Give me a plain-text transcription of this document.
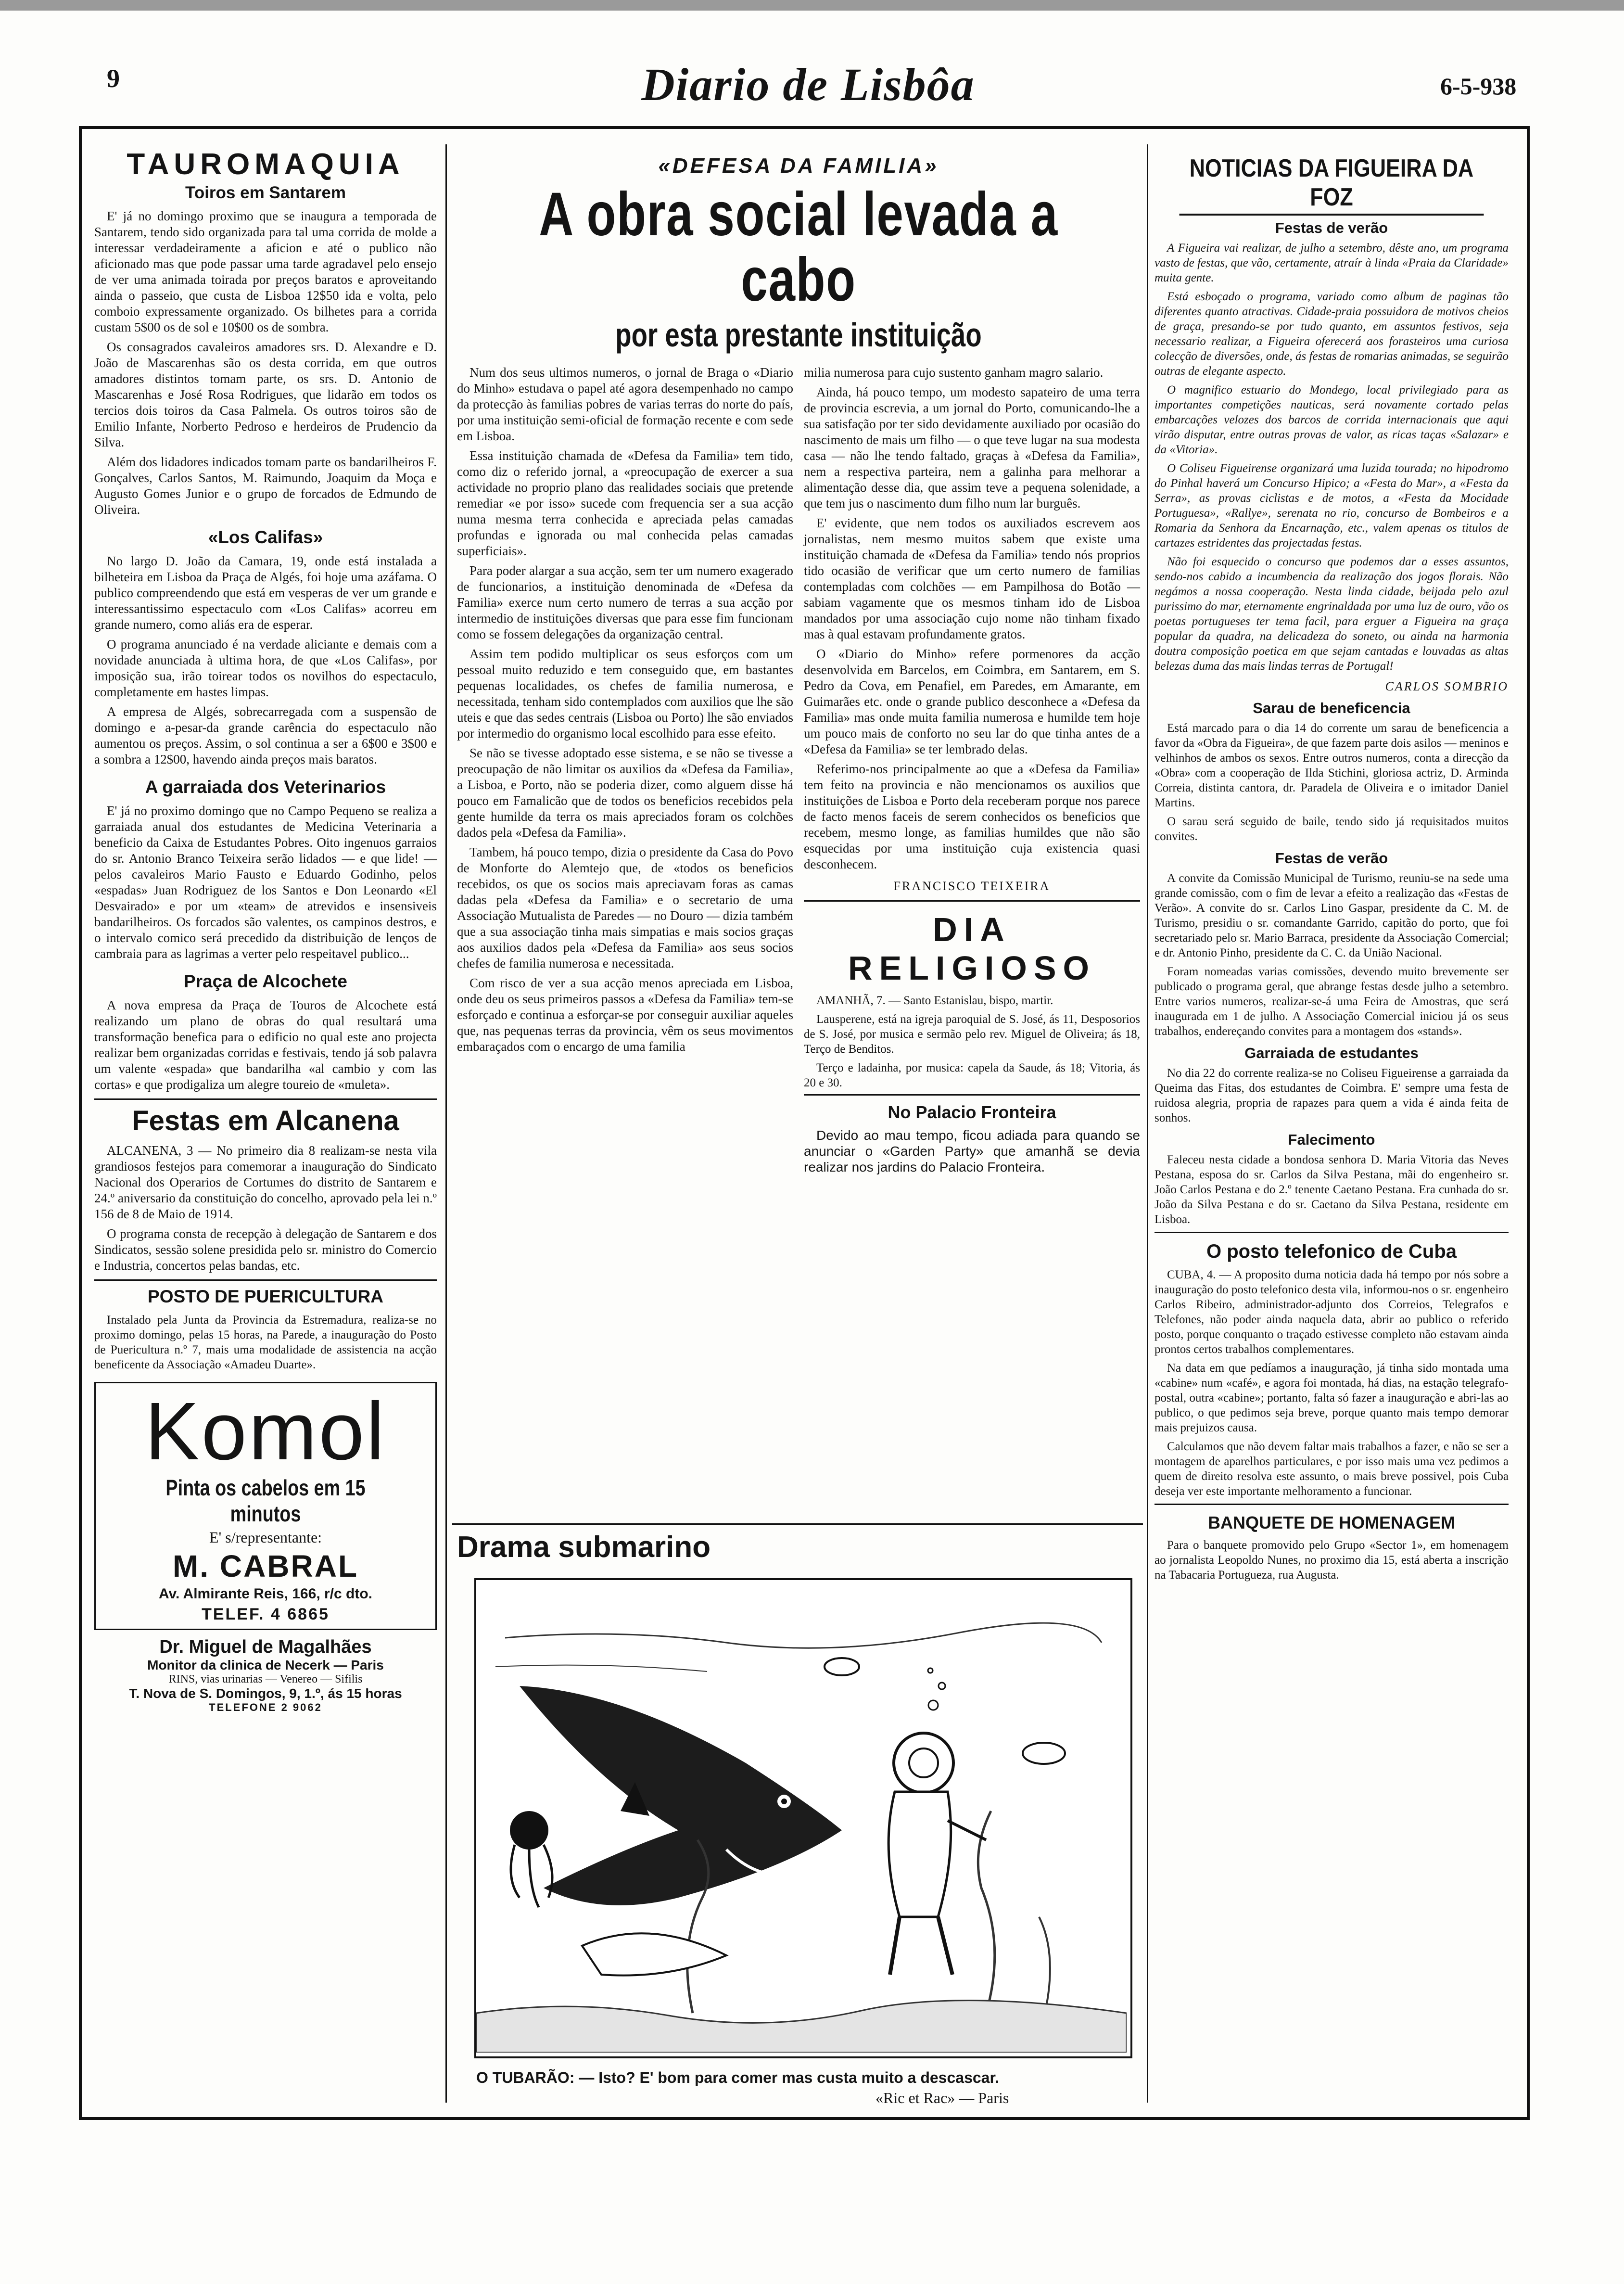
9	Diario de Lisbôa	6-5-938
TAUROMAQUIA
Toiros em Santarem

E' já no domingo proximo que se inaugura a temporada de Santarem, tendo sido organizada para tal uma corrida de molde a interessar verdadeiramente a aficion e até o publico não aficionado mas que pode passar uma tarde agradavel pelo ensejo de ver uma animada toirada por preços baratos e aproveitando ainda o passeio, que custa de Lisboa 12$50 ida e volta, pelo comboio expressamente organizado. Os bilhetes para a corrida custam 5$00 os de sol e 10$00 os de sombra.

Os consagrados cavaleiros amadores srs. D. Alexandre e D. João de Mascarenhas são os desta corrida, em que outros amadores distintos tomam parte, os srs. D. Antonio de Mascarenhas e José Rosa Rodrigues, que lidarão em todos os tercios dois toiros da Casa Palmela. Os outros toiros são de Emilio Infante, Norberto Pedroso e herdeiros de Prudencio da Silva.

Além dos lidadores indicados tomam parte os bandarilheiros F. Gonçalves, Carlos Santos, M. Raimundo, Joaquim da Moça e Augusto Gomes Junior e o grupo de forcados de Edmundo de Oliveira.

«Los Califas»

No largo D. João da Camara, 19, onde está instalada a bilheteira em Lisboa da Praça de Algés, foi hoje uma azáfama. O publico compreendendo que está em vesperas de ver um grande e interessantissimo espectaculo com «Los Califas» acorreu em grande numero, como aliás era de esperar.

O programa anunciado é na verdade aliciante e demais com a novidade anunciada à ultima hora, de que «Los Califas», por imposição sua, irão toirear todos os novilhos do espectaculo, completamente em hastes limpas.

A empresa de Algés, sobrecarregada com a suspensão de domingo e a-pesar-da grande carência do espectaculo não aumentou os preços. Assim, o sol continua a ser a 6$00 e 3$00 e a sombra a 12$00, havendo ainda preços mais baratos.

A garraiada dos Veterinarios

E' já no proximo domingo que no Campo Pequeno se realiza a garraiada anual dos estudantes de Medicina Veterinaria a beneficio da Caixa de Estudantes Pobres. Oito ingenuos garraios do sr. Antonio Branco Teixeira serão lidados — e que lide! — pelos cavaleiros Mario Fausto e Eduardo Godinho, pelos «espadas» Juan Rodriguez de los Santos e Don Leonardo «El Desvairado» e por um «team» de atrevidos e insensiveis bandarilheiros. Os forcados são valentes, os campinos destros, e o intervalo comico será precedido da distribuição de lenços de cambraia para as lagrimas a verter pelo respeitavel publico...

Praça de Alcochete

A nova empresa da Praça de Touros de Alcochete está realizando um plano de obras do qual resultará uma transformação benefica para o edificio no qual este ano projecta realizar bem organizadas corridas e festivais, tendo já sob palavra um valente «espada» que bandarilha «al cambio y com las cortas» e que prodigaliza um alegre toureio de «muleta».

Festas em Alcanena

ALCANENA, 3 — No primeiro dia 8 realizam-se nesta vila grandiosos festejos para comemorar a inauguração do Sindicato Nacional dos Operarios de Cortumes do distrito de Santarem e 24.º aniversario da constituição do concelho, aprovado pela lei n.º 156 de 8 de Maio de 1914.

O programa consta de recepção à delegação de Santarem e dos Sindicatos, sessão solene presidida pelo sr. ministro do Comercio e Industria, concertos pelas bandas, etc.

POSTO DE PUERICULTURA

Instalado pela Junta da Provincia da Estremadura, realiza-se no proximo domingo, pelas 15 horas, na Parede, a inauguração do Posto de Puericultura n.º 7, mais uma modalidade de assistencia na acção beneficente da Associação «Amadeu Duarte».

Komol
Pinta os cabelos em 15 minutos
E' s/representante:
M. CABRAL
Av. Almirante Reis, 166, r/c dto.
TELEF. 4 6865
Dr. Miguel de Magalhães
Monitor da clinica de Necerk — Paris
RINS, vias urinarias — Venereo — Sifilis
T. Nova de S. Domingos, 9, 1.º, ás 15 horas
TELEFONE 2 9062
«DEFESA DA FAMILIA»
A obra social levada a cabo
por esta prestante instituição

Num dos seus ultimos numeros, o jornal de Braga o «Diario do Minho» estudava o papel até agora desempenhado no campo da protecção às familias pobres de varias terras do norte do país, por uma instituição semi-oficial de formação recente e com sede em Lisboa.

Essa instituição chamada de «Defesa da Familia» tem tido, como diz o referido jornal, a «preocupação de exercer a sua actividade no proprio plano das realidades sociais que pretende remediar «e por isso» sucede com frequencia ser a sua acção numa mesma terra conhecida e apreciada pelas camadas profundas e ignorada ou mal conhecida pelas camadas superficiais».

Para poder alargar a sua acção, sem ter um numero exagerado de funcionarios, a instituição denominada de «Defesa da Familia» exerce num certo numero de terras a sua acção por intermedio de instituições diversas que para esse fim funcionam como se fossem delegações da organização central.

Assim tem podido multiplicar os seus esforços com um pessoal muito reduzido e tem conseguido que, em bastantes pequenas localidades, os chefes de familia numerosa, e necessitada, tenham sido contemplados com auxilios que lhe são uteis e que das sedes centrais (Lisboa ou Porto) lhe são enviados por intermedio do organismo local escolhido para esse efeito.

Se não se tivesse adoptado esse sistema, e se não se tivesse a preocupação de não limitar os auxilios da «Defesa da Familia», a Lisboa, e Porto, não se poderia dizer, como alguem disse há pouco em Famalicão que de todos os beneficios recebidos pela gente humilde da terra os mais apreciados foram os colchões dados pela «Defesa da Familia».

Tambem, há pouco tempo, dizia o presidente da Casa do Povo de Monforte do Alemtejo que, de «todos os beneficios recebidos, os que os socios mais apreciavam foras as camas dadas pela «Defesa da Familia» e o secretario de uma Associação Mutualista de Paredes — no Douro — dizia também que a sua associação tinha mais simpatias e mais socios graças aos auxilios dados pela «Defesa da Familia» aos seus socios chefes de familia numerosa e necessitada.

Com risco de ver a sua acção menos apreciada em Lisboa, onde deu os seus primeiros passos a «Defesa da Familia» tem-se esforçado e continua a esforçar-se por conseguir auxiliar aqueles que, nas pequenas terras da provincia, vêm os seus movimentos embaraçados com o encargo de uma familia

milia numerosa para cujo sustento ganham magro salario.

Ainda, há pouco tempo, um modesto sapateiro de uma terra de provincia escrevia, a um jornal do Porto, comunicando-lhe a sua satisfação por ter sido devidamente auxiliado por ocasião do nascimento de mais um filho — o que teve lugar na sua modesta casa — não lhe tendo faltado, graças à «Defesa da Familia», nem a respectiva parteira, nem a galinha para melhorar a alimentação desse dia, que assim teve a pequena solenidade, a que tem jus o nascimento dum filho num lar burguês.

E' evidente, que nem todos os auxiliados escrevem aos jornalistas, nem mesmo muitos sabem que existe uma instituição chamada de «Defesa da Familia» tendo nós proprios tido ocasião de verificar que um certo numero de familias contempladas com colchões — em Pampilhosa do Botão — sabiam vagamente que os mesmos tinham ido de Lisboa mandados por uma associação cujo nome não tinham fixado mas à qual estavam profundamente gratos.

O «Diario do Minho» refere pormenores da acção desenvolvida em Barcelos, em Coimbra, em Santarem, em S. Pedro da Cova, em Penafiel, em Paredes, em Amarante, em Guimarães etc. onde o grande publico desconhece a «Defesa da Familia» mas onde muita familia numerosa e humilde tem hoje um pouco mais de conforto no seu lar do que tinha antes de a «Defesa da Familia» se ter lembrado delas.

Referimo-nos principalmente ao que a «Defesa da Familia» tem feito na provincia e não mencionamos os auxilios que instituições de Lisboa e Porto dela receberam porque nos parece de facto menos faceis de serem conhecidos os beneficios que recebem, mesmo longe, as familias humildes que não são esquecidas por uma instituição cuja existencia quasi desconhecem.

FRANCISCO TEIXEIRA
DIA RELIGIOSO

AMANHÃ, 7. — Santo Estanislau, bispo, martir.

Lausperene, está na igreja paroquial de S. José, ás 11, Desposorios de S. José, por musica e sermão pelo rev. Miguel de Oliveira; ás 18, Terço de Benditos.

Terço e ladainha, por musica: capela da Saude, ás 18; Vitoria, ás 20 e 30.

No Palacio Fronteira

Devido ao mau tempo, ficou adiada para quando se anunciar o «Garden Party» que amanhã se devia realizar nos jardins do Palacio Fronteira.

Drama submarino
O TUBARÃO: — Isto? E' bom para comer mas custa muito a descascar.
«Ric et Rac» — Paris
NOTICIAS DA FIGUEIRA DA FOZ
Festas de verão

A Figueira vai realizar, de julho a setembro, dêste ano, um programa vasto de festas, que vão, certamente, atraír à linda «Praia da Claridade» muita gente.

Está esboçado o programa, variado como album de paginas tão diferentes quanto atractivas. Cidade-praia possuidora de motivos cheios de graça, presando-se por tudo quanto, em assuntos festivos, seja necessario realizar, a Figueira oferecerá aos forasteiros uma curiosa colecção de diversões, onde, ás festas de romarias animadas, se seguirão outras de elegante aspecto.

O magnifico estuario do Mondego, local privilegiado para as importantes competições nauticas, será novamente cortado pelas embarcações velozes dos barcos de corrida internacionais que aqui virão disputar, entre outras provas de valor, as ricas taças «Salazar» e da «Vitoria».

O Coliseu Figueirense organizará uma luzida tourada; no hipodromo do Pinhal haverá um Concurso Hipico; a «Festa do Mar», a «Festa da Serra», as provas ciclistas e de motos, a «Festa da Mocidade Portuguesa», «Rallye», serenata no rio, concurso de Bombeiros e a Romaria da Senhora da Encarnação, etc., valem apenas os titulos de cartazes estridentes das projectadas festas.

Não foi esquecido o concurso que podemos dar a esses assuntos, sendo-nos cabido a incumbencia da realização dos jogos florais. Não negámos a nossa cooperação. Nesta linda cidade, beijada pelo azul purissimo do mar, eternamente engrinaldada por uma luz de ouro, vão os poetas portugueses ter tema facil, para erguer a Figueira na graça popular da quadra, na delicadeza do soneto, ou ainda na harmonia doutra composição poetica em que sejam cantadas e louvadas as altas belezas duma das mais lindas terras de Portugal!

CARLOS SOMBRIO
Sarau de beneficencia

Está marcado para o dia 14 do corrente um sarau de beneficencia a favor da «Obra da Figueira», de que fazem parte dois asilos — meninos e velhinhos de ambos os sexos. Entre outros numeros, conta a direcção da «Obra» com a cooperação de Ilda Stichini, gloriosa actriz, D. Arminda Correia, distinta cantora, dr. Paradela de Oliveira e o imitador Daniel Martins.

O sarau será seguido de baile, tendo sido já requisitados muitos convites.

Festas de verão

A convite da Comissão Municipal de Turismo, reuniu-se na sede uma grande comissão, com o fim de levar a efeito a realização das «Festas de Verão». A convite do sr. Carlos Lino Gaspar, presidente da C. M. de Turismo, presidiu o sr. comandante Garrido, capitão do porto, que foi secretariado pelo sr. Mario Barraca, presidente da Associação Comercial; e dr. Antonio Pinho, presidente da C. C. da União Nacional.

Foram nomeadas varias comissões, devendo muito brevemente ser publicado o programa geral, que abrange festas desde julho a setembro. Entre varios numeros, realizar-se-á uma Feira de Amostras, que será inaugurada em 1 de julho. A Associação Comercial iniciou já os seus trabalhos, endereçando convites para a montagem dos «stands».

Garraiada de estudantes

No dia 22 do corrente realiza-se no Coliseu Figueirense a garraiada da Queima das Fitas, dos estudantes de Coimbra. E' sempre uma festa de ruidosa alegria, propria de rapazes para quem a vida é ainda feita de sonhos.

Falecimento

Faleceu nesta cidade a bondosa senhora D. Maria Vitoria das Neves Pestana, esposa do sr. Carlos da Silva Pestana, mãi do engenheiro sr. João Carlos Pestana e do 2.º tenente Caetano Pestana. Era cunhada do sr. João da Silva Pestana e do sr. Caetano da Silva Pestana, residente em Lisboa.

O posto telefonico de Cuba

CUBA, 4. — A proposito duma noticia dada há tempo por nós sobre a inauguração do posto telefonico desta vila, informou-nos o sr. engenheiro Carlos Ribeiro, administrador-adjunto dos Correios, Telegrafos e Telefones, não poder ainda naquela data, abrir ao publico o referido posto, porque conquanto o traçado estivesse completo não estavam ainda prontos certos trabalhos complementares.

Na data em que pedíamos a inauguração, já tinha sido montada uma «cabine» num «café», e agora foi montada, há dias, na estação telegrafo-postal, outra «cabine»; portanto, falta só fazer a inauguração e abri-las ao publico, o que pedimos seja breve, porque quanto mais tempo demorar mais prejuizos causa.

Calculamos que não devem faltar mais trabalhos a fazer, e não se ser a montagem de aparelhos particulares, e por isso mais uma vez pedimos a quem de direito resolva este assunto, o mais breve possivel, pois Cuba deseja ver este importante melhoramento a funcionar.

BANQUETE DE HOMENAGEM

Para o banquete promovido pelo Grupo «Sector 1», em homenagem ao jornalista Leopoldo Nunes, no proximo dia 15, está aberta a inscrição na Tabacaria Portugueza, rua Augusta.
